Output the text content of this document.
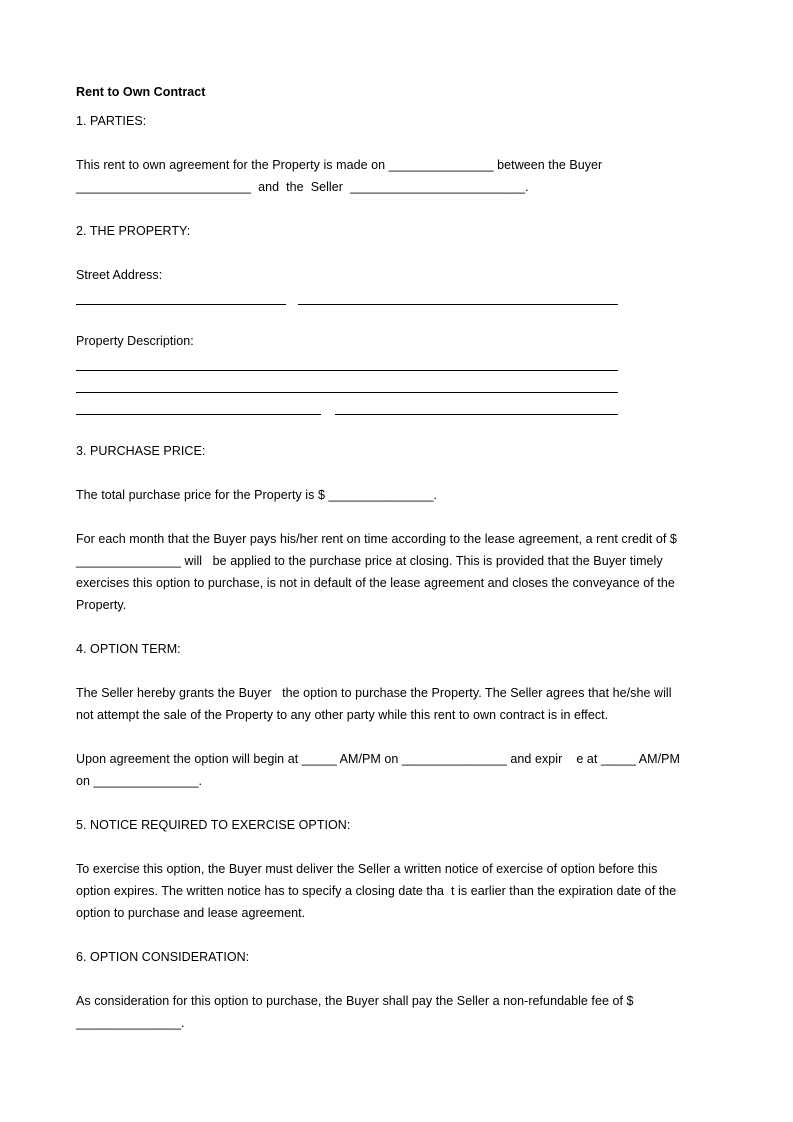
Rent to Own Contract
1. PARTIES:
This rent to own agreement for the Property is made on _______________ between the Buyer
_________________________  and  the  Seller  _________________________.
2. THE PROPERTY:
Street Address:
Property Description:
3. PURCHASE PRICE:
The total purchase price for the Property is $ _______________.
For each month that the Buyer pays his/her rent on time according to the lease agreement, a rent credit of $
_______________ will   be applied to the purchase price at closing. This is provided that the Buyer timely
exercises this option to purchase, is not in default of the lease agreement and closes the conveyance of the
Property.
4. OPTION TERM:
The Seller hereby grants the Buyer   the option to purchase the Property. The Seller agrees that he/she will
not attempt the sale of the Property to any other party while this rent to own contract is in effect.
Upon agreement the option will begin at _____ AM/PM on _______________ and expir    e at _____ AM/PM
on _______________.
5. NOTICE REQUIRED TO EXERCISE OPTION:
To exercise this option, the Buyer must deliver the Seller a written notice of exercise of option before this
option expires. The written notice has to specify a closing date tha  t is earlier than the expiration date of the
option to purchase and lease agreement.
6. OPTION CONSIDERATION:
As consideration for this option to purchase, the Buyer shall pay the Seller a non-refundable fee of $
_______________.
